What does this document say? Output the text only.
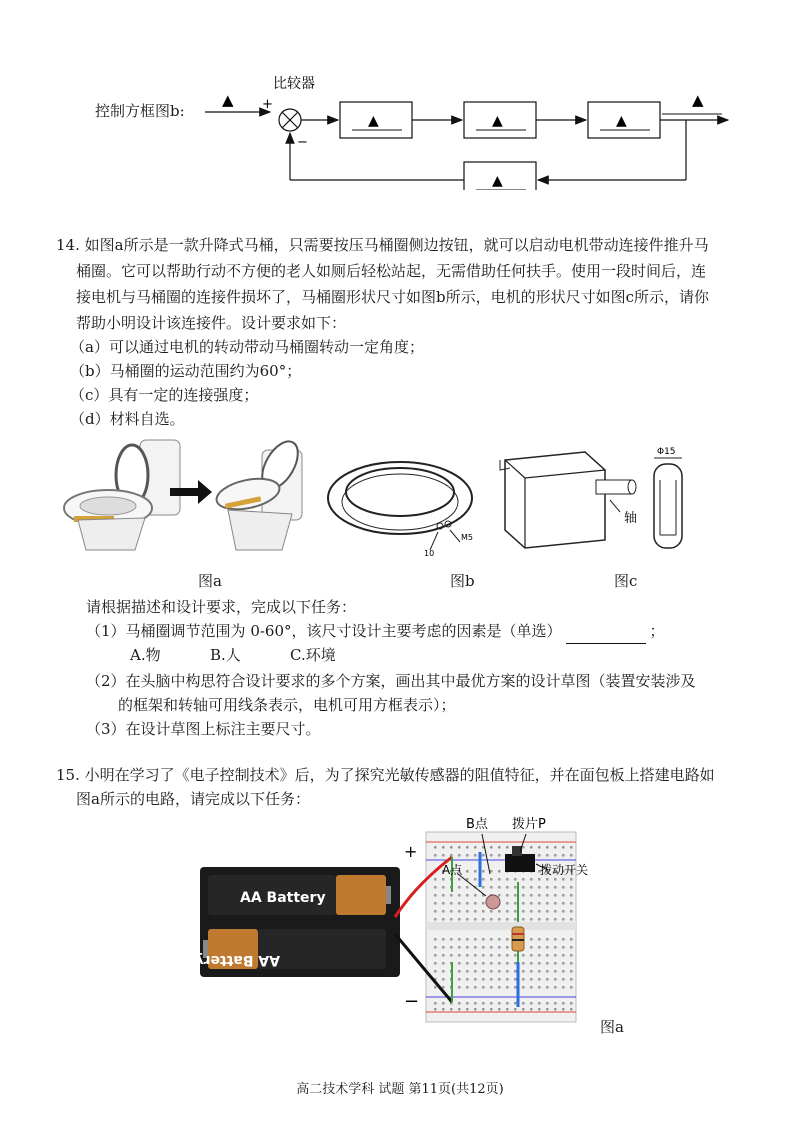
▲ +
比较器
−
▲	▲	▲
▲
▲
控制方框图b:
14. 如图a所示是一款升降式马桶，只需要按压马桶圈侧边按钮，就可以启动电机带动连接件推升马
桶圈。它可以帮助行动不方便的老人如厕后轻松站起，无需借助任何扶手。使用一段时间后，连
接电机与马桶圈的连接件损坏了，马桶圈形状尺寸如图b所示，电机的形状尺寸如图c所示，请你
帮助小明设计该连接件。设计要求如下：
（a）可以通过电机的转动带动马桶圈转动一定角度；
（b）马桶圈的运动范围约为60°；
（c）具有一定的连接强度；
（d）材料自选。
M5
10
轴
Φ15
图a	图b	图c
请根据描述和设计要求，完成以下任务：
（1）马桶圈调节范围为 0-60°，该尺寸设计主要考虑的因素是（单选）	；
A.物	B.人	C.环境
（2）在头脑中构思符合设计要求的多个方案，画出其中最优方案的设计草图（装置安装涉及
的框架和转轴可用线条表示，电机可用方框表示）；
（3）在设计草图上标注主要尺寸。
15. 小明在学习了《电子控制技术》后，为了探究光敏传感器的阻值特征，并在面包板上搭建电路如
图a所示的电路，请完成以下任务：
AA Battery
AA Battery
+
−
B点 拨片P
A点	拨动开关
图a
高二技术学科 试题 第11页(共12页)
